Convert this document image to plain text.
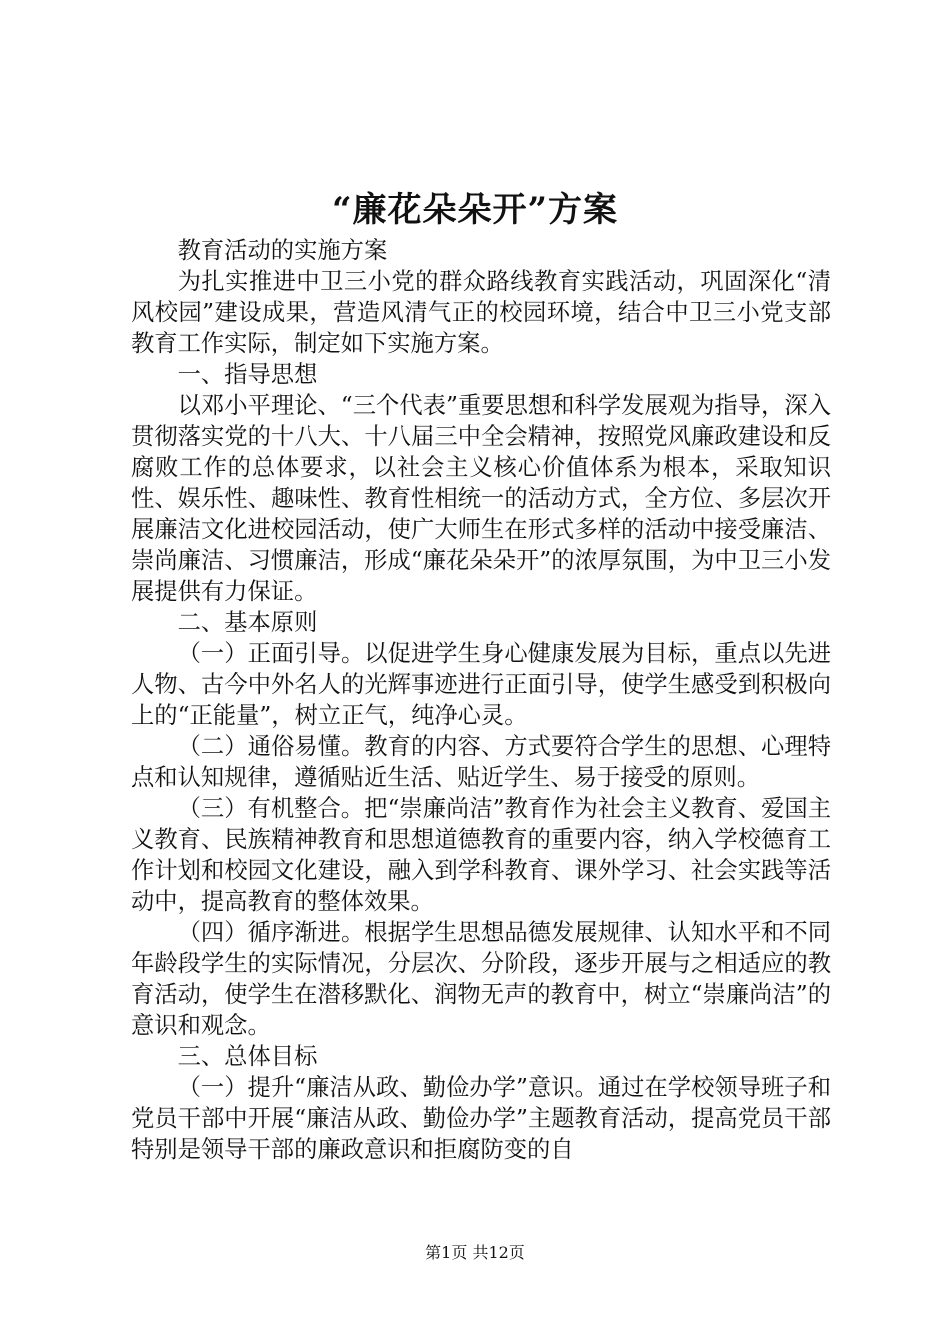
“廉花朵朵开”方案

教育活动的实施方案

为扎实推进中卫三小党的群众路线教育实践活动，巩固深化“清风校园”建设成果，营造风清气正的校园环境，结合中卫三小党支部教育工作实际，制定如下实施方案。

一、指导思想

以邓小平理论、“三个代表”重要思想和科学发展观为指导，深入贯彻落实党的十八大、十八届三中全会精神，按照党风廉政建设和反腐败工作的总体要求，以社会主义核心价值体系为根本，采取知识性、娱乐性、趣味性、教育性相统一的活动方式，全方位、多层次开展廉洁文化进校园活动，使广大师生在形式多样的活动中接受廉洁、崇尚廉洁、习惯廉洁，形成“廉花朵朵开”的浓厚氛围，为中卫三小发展提供有力保证。

二、基本原则

（一）正面引导。以促进学生身心健康发展为目标，重点以先进人物、古今中外名人的光辉事迹进行正面引导，使学生感受到积极向上的“正能量”，树立正气，纯净心灵。

（二）通俗易懂。教育的内容、方式要符合学生的思想、心理特点和认知规律，遵循贴近生活、贴近学生、易于接受的原则。

（三）有机整合。把“崇廉尚洁”教育作为社会主义教育、爱国主义教育、民族精神教育和思想道德教育的重要内容，纳入学校德育工作计划和校园文化建设，融入到学科教育、课外学习、社会实践等活动中，提高教育的整体效果。

（四）循序渐进。根据学生思想品德发展规律、认知水平和不同年龄段学生的实际情况，分层次、分阶段，逐步开展与之相适应的教育活动，使学生在潜移默化、润物无声的教育中，树立“崇廉尚洁”的意识和观念。

三、总体目标

（一）提升“廉洁从政、勤俭办学”意识。通过在学校领导班子和党员干部中开展“廉洁从政、勤俭办学”主题教育活动，提高党员干部特别是领导干部的廉政意识和拒腐防变的自

第1页 共12页
